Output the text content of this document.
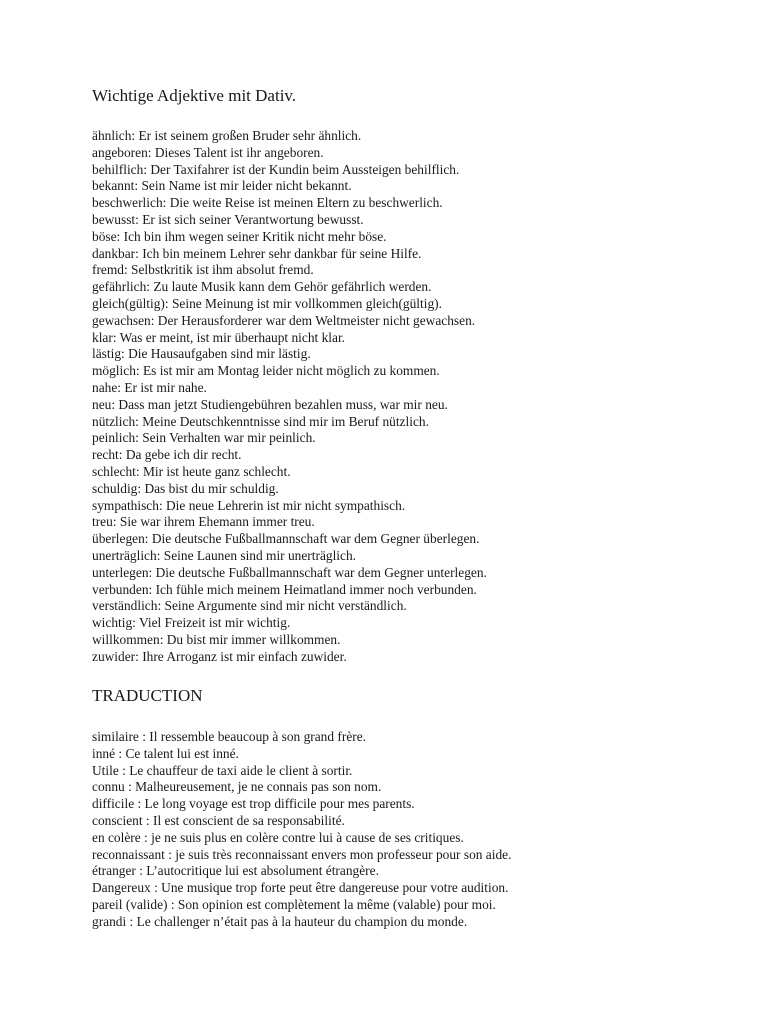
Wichtige Adjektive mit Dativ.
ähnlich: Er ist seinem großen Bruder sehr ähnlich.
angeboren: Dieses Talent ist ihr angeboren.
behilflich: Der Taxifahrer ist der Kundin beim Aussteigen behilflich.
bekannt: Sein Name ist mir leider nicht bekannt.
beschwerlich: Die weite Reise ist meinen Eltern zu beschwerlich.
bewusst: Er ist sich seiner Verantwortung bewusst.
böse: Ich bin ihm wegen seiner Kritik nicht mehr böse.
dankbar: Ich bin meinem Lehrer sehr dankbar für seine Hilfe.
fremd: Selbstkritik ist ihm absolut fremd.
gefährlich: Zu laute Musik kann dem Gehör gefährlich werden.
gleich(gültig): Seine Meinung ist mir vollkommen gleich(gültig).
gewachsen: Der Herausforderer war dem Weltmeister nicht gewachsen.
klar: Was er meint, ist mir überhaupt nicht klar.
lästig: Die Hausaufgaben sind mir lästig.
möglich: Es ist mir am Montag leider nicht möglich zu kommen.
nahe: Er ist mir nahe.
neu: Dass man jetzt Studiengebühren bezahlen muss, war mir neu.
nützlich: Meine Deutschkenntnisse sind mir im Beruf nützlich.
peinlich: Sein Verhalten war mir peinlich.
recht: Da gebe ich dir recht.
schlecht: Mir ist heute ganz schlecht.
schuldig: Das bist du mir schuldig.
sympathisch: Die neue Lehrerin ist mir nicht sympathisch.
treu: Sie war ihrem Ehemann immer treu.
überlegen: Die deutsche Fußballmannschaft war dem Gegner überlegen.
unerträglich: Seine Launen sind mir unerträglich.
unterlegen: Die deutsche Fußballmannschaft war dem Gegner unterlegen.
verbunden: Ich fühle mich meinem Heimatland immer noch verbunden.
verständlich: Seine Argumente sind mir nicht verständlich.
wichtig: Viel Freizeit ist mir wichtig.
willkommen: Du bist mir immer willkommen.
zuwider: Ihre Arroganz ist mir einfach zuwider.
TRADUCTION
similaire : Il ressemble beaucoup à son grand frère.
inné : Ce talent lui est inné.
Utile : Le chauffeur de taxi aide le client à sortir.
connu : Malheureusement, je ne connais pas son nom.
difficile : Le long voyage est trop difficile pour mes parents.
conscient : Il est conscient de sa responsabilité.
en colère : je ne suis plus en colère contre lui à cause de ses critiques.
reconnaissant : je suis très reconnaissant envers mon professeur pour son aide.
étranger : L’autocritique lui est absolument étrangère.
Dangereux : Une musique trop forte peut être dangereuse pour votre audition.
pareil (valide) : Son opinion est complètement la même (valable) pour moi.
grandi : Le challenger n’était pas à la hauteur du champion du monde.
